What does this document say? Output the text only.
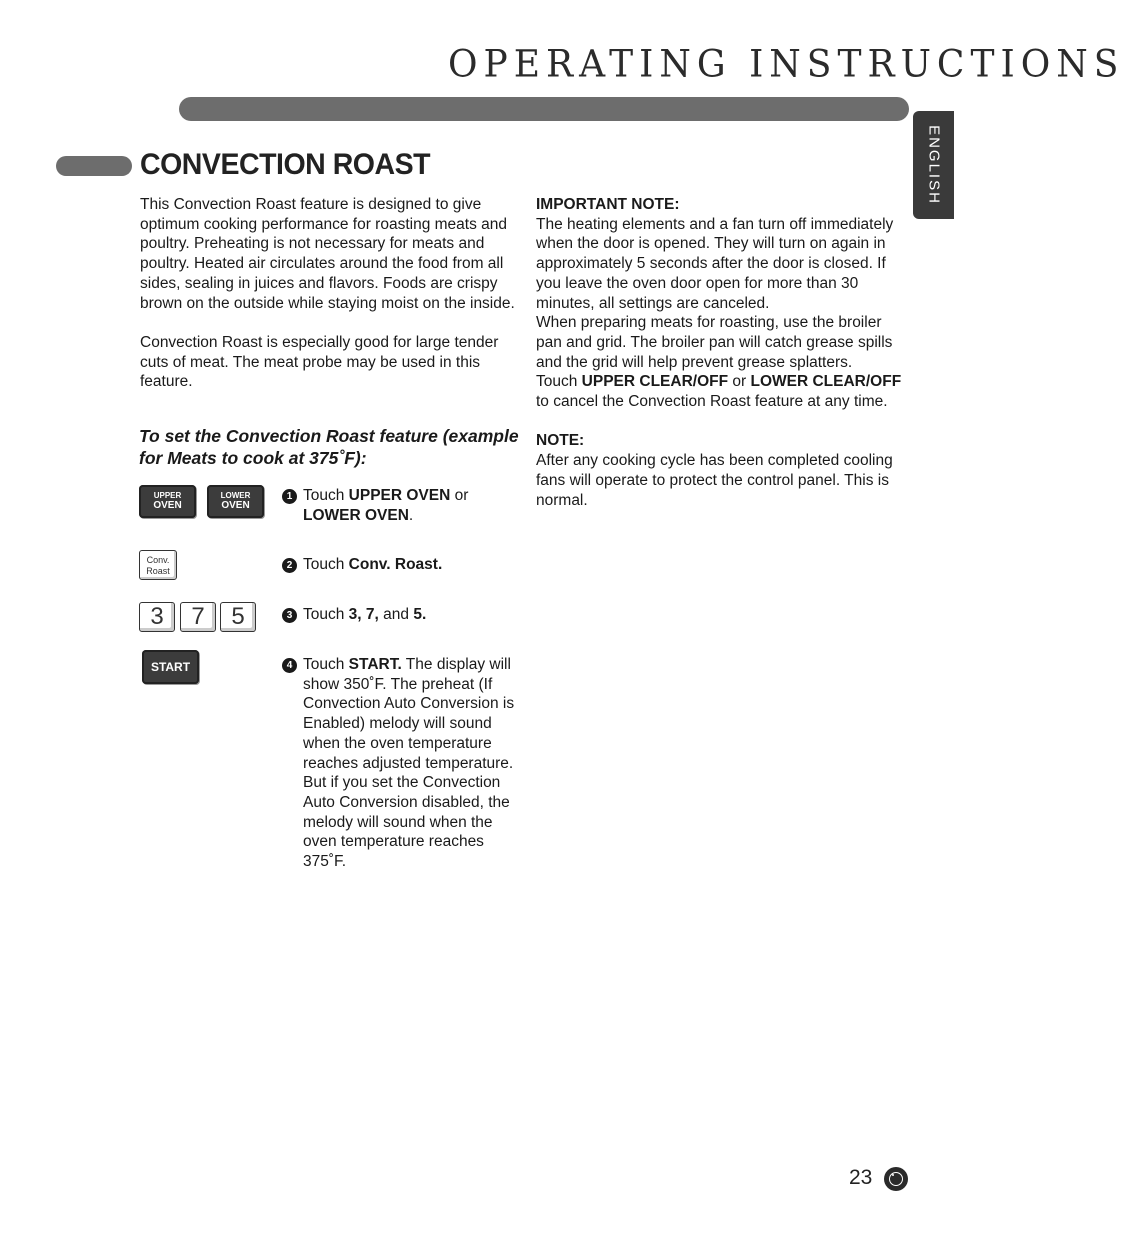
OPERATING INSTRUCTIONS
ENGLISH
CONVECTION ROAST

This Convection Roast feature is designed to give optimum cooking performance for roasting meats and poultry. Preheating is not necessary for meats and poultry. Heated air circulates around the food from all sides, sealing in juices and flavors. Foods are crispy brown on the outside while staying moist on the inside.

Convection Roast is especially good for large tender cuts of meat. The meat probe may be used in this feature.

To set the Convection Roast feature (example for Meats to cook at 375˚F):
UPPER
OVEN
LOWER
OVEN
Conv.
Roast
3	7	5
START
1 Touch UPPER OVEN or LOWER OVEN.
2 Touch Conv. Roast.
3 Touch 3, 7, and 5.
4 Touch START. The display will show 350˚F. The preheat (If Convection Auto Conversion is Enabled) melody will sound when the oven temperature reaches adjusted temperature. But if you set the Convection Auto Conversion disabled, the melody will sound when the oven temperature reaches 375˚F.

IMPORTANT NOTE:

The heating elements and a fan turn off immediately when the door is opened. They will turn on again in approximately 5 seconds after the door is closed. If you leave the oven door open for more than 30 minutes, all settings are canceled.

When preparing meats for roasting, use the broiler pan and grid. The broiler pan will catch grease spills and the grid will help prevent grease splatters.

Touch UPPER CLEAR/OFF or LOWER CLEAR/OFF to cancel the Convection Roast feature at any time.

NOTE:

After any cooking cycle has been completed cooling fans will operate to protect the control panel. This is normal.

23
